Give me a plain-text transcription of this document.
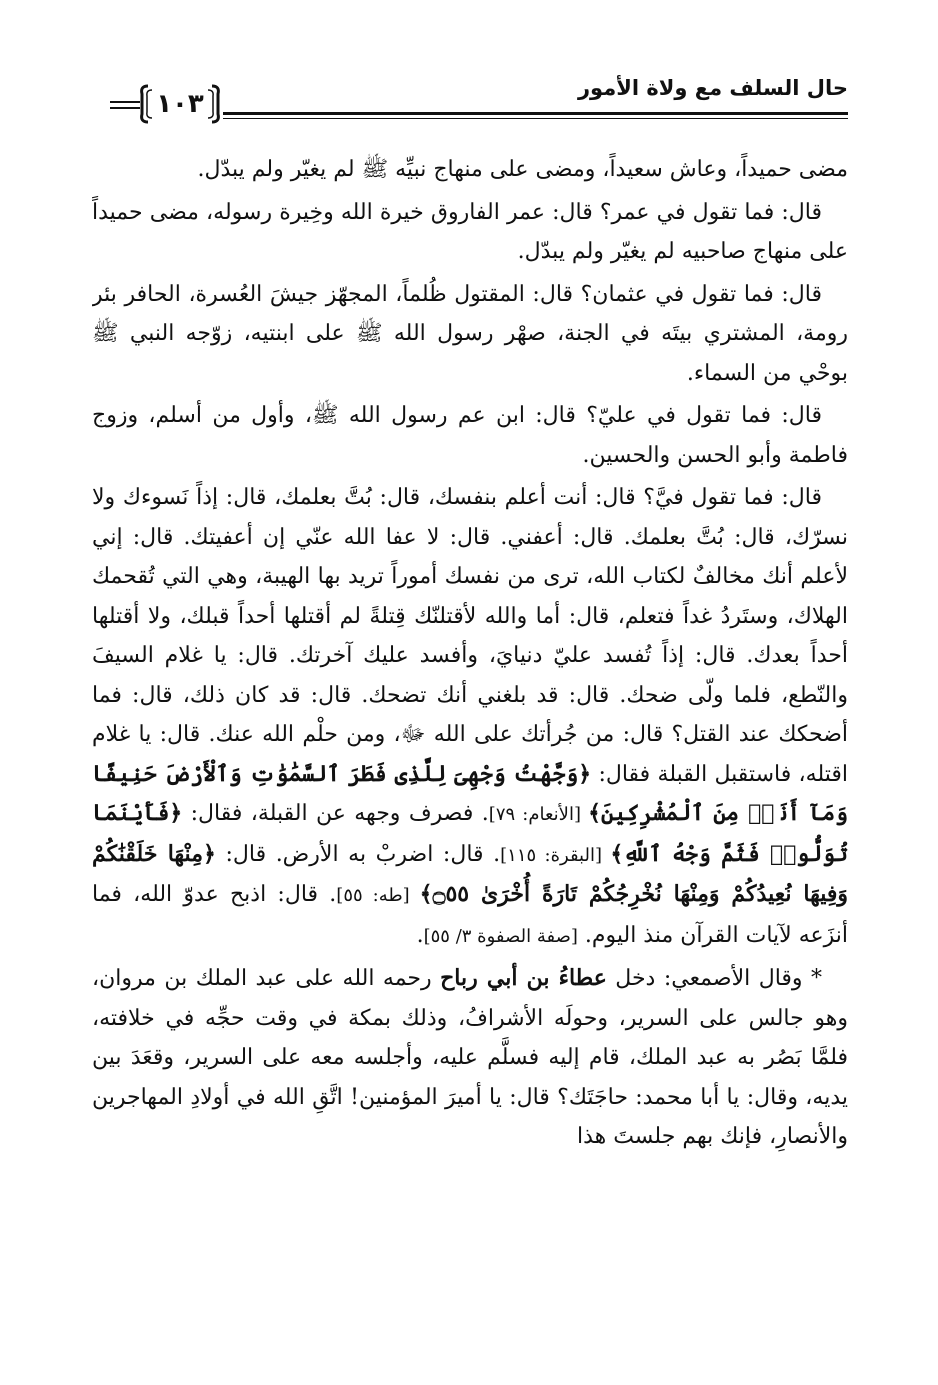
حال السلف مع ولاة الأمور
١٠٣

مضى حميداً، وعاش سعيداً، ومضى على منهاج نبيِّه ﷺ لم يغيّر ولم يبدّل.

قال: فما تقول في عمر؟ قال: عمر الفاروق خيرة الله وخِيرة رسوله، مضى حميداً على منهاج صاحبيه لم يغيّر ولم يبدّل.

قال: فما تقول في عثمان؟ قال: المقتول ظُلماً، المجهّز جيشَ العُسرة، الحافر بئر رومة، المشتري بيتَه في الجنة، صهْر رسول الله ﷺ على ابنتيه، زوّجه النبي ﷺ بوحْي من السماء.

قال: فما تقول في عليّ؟ قال: ابن عم رسول الله ﷺ، وأول من أسلم، وزوج فاطمة وأبو الحسن والحسين.

قال: فما تقول فيَّ؟ قال: أنت أعلم بنفسك، قال: بُتَّ بعلمك، قال: إذاً نَسوءك ولا نسرّك، قال: بُتَّ بعلمك. قال: أعفني. قال: لا عفا الله عنّي إن أعفيتك. قال: إني لأعلم أنك مخالفٌ لكتاب الله، ترى من نفسك أموراً تريد بها الهيبة، وهي التي تُقحمك الهلاك، وستَردُ غداً فتعلم، قال: أما والله لأقتلنّك قِتلةً لم أقتلها أحداً قبلك، ولا أقتلها أحداً بعدك. قال: إذاً تُفسد عليّ دنيايَ، وأفسد عليك آخرتك. قال: يا غلام السيفَ والنّطع، فلما ولّى ضحك. قال: قد بلغني أنك تضحك. قال: قد كان ذلك، قال: فما أضحكك عند القتل؟ قال: من جُرأتك على الله ﷻ، ومن حلْم الله عنك. قال: يا غلام اقتله، فاستقبل القبلة فقال: ﴿وَجَّهْتُ وَجْهِىَ لِلَّذِى فَطَرَ ٱلسَّمَٰوَٰتِ وَٱلْأَرْضَ حَنِيفًا وَمَآ أَنَا۠ مِنَ ٱلْمُشْرِكِينَ﴾ [الأنعام: ٧٩]. فصرف وجهه عن القبلة، فقال: ﴿فَأَيْنَمَا تُوَلُّوا۟ فَثَمَّ وَجْهُ ٱللَّهِ﴾ [البقرة: ١١٥]. قال: اضربْ به الأرض. قال: ﴿مِنْهَا خَلَقْنَٰكُمْ وَفِيهَا نُعِيدُكُمْ وَمِنْهَا نُخْرِجُكُمْ تَارَةً أُخْرَىٰ ۝٥٥﴾ [طه: ٥٥]. قال: اذبح عدوّ الله، فما أنزَعه لآيات القرآن منذ اليوم. [صفة الصفوة ٣/ ٥٥].

* وقال الأصمعي: دخل عطاءُ بن أبي رباح رحمه الله على عبد الملك بن مروان، وهو جالس على السرير، وحولَه الأشرافُ، وذلك بمكة في وقت حجِّه في خلافته، فلمَّا بَصُر به عبد الملك، قام إليه فسلَّم عليه، وأجلسه معه على السرير، وقعَدَ بين يديه، وقال: يا أبا محمد: حاجَتَك؟ قال: يا أميرَ المؤمنين! اتَّقِ الله في أولادِ المهاجرين والأنصارِ، فإنك بهم جلستَ هذا
